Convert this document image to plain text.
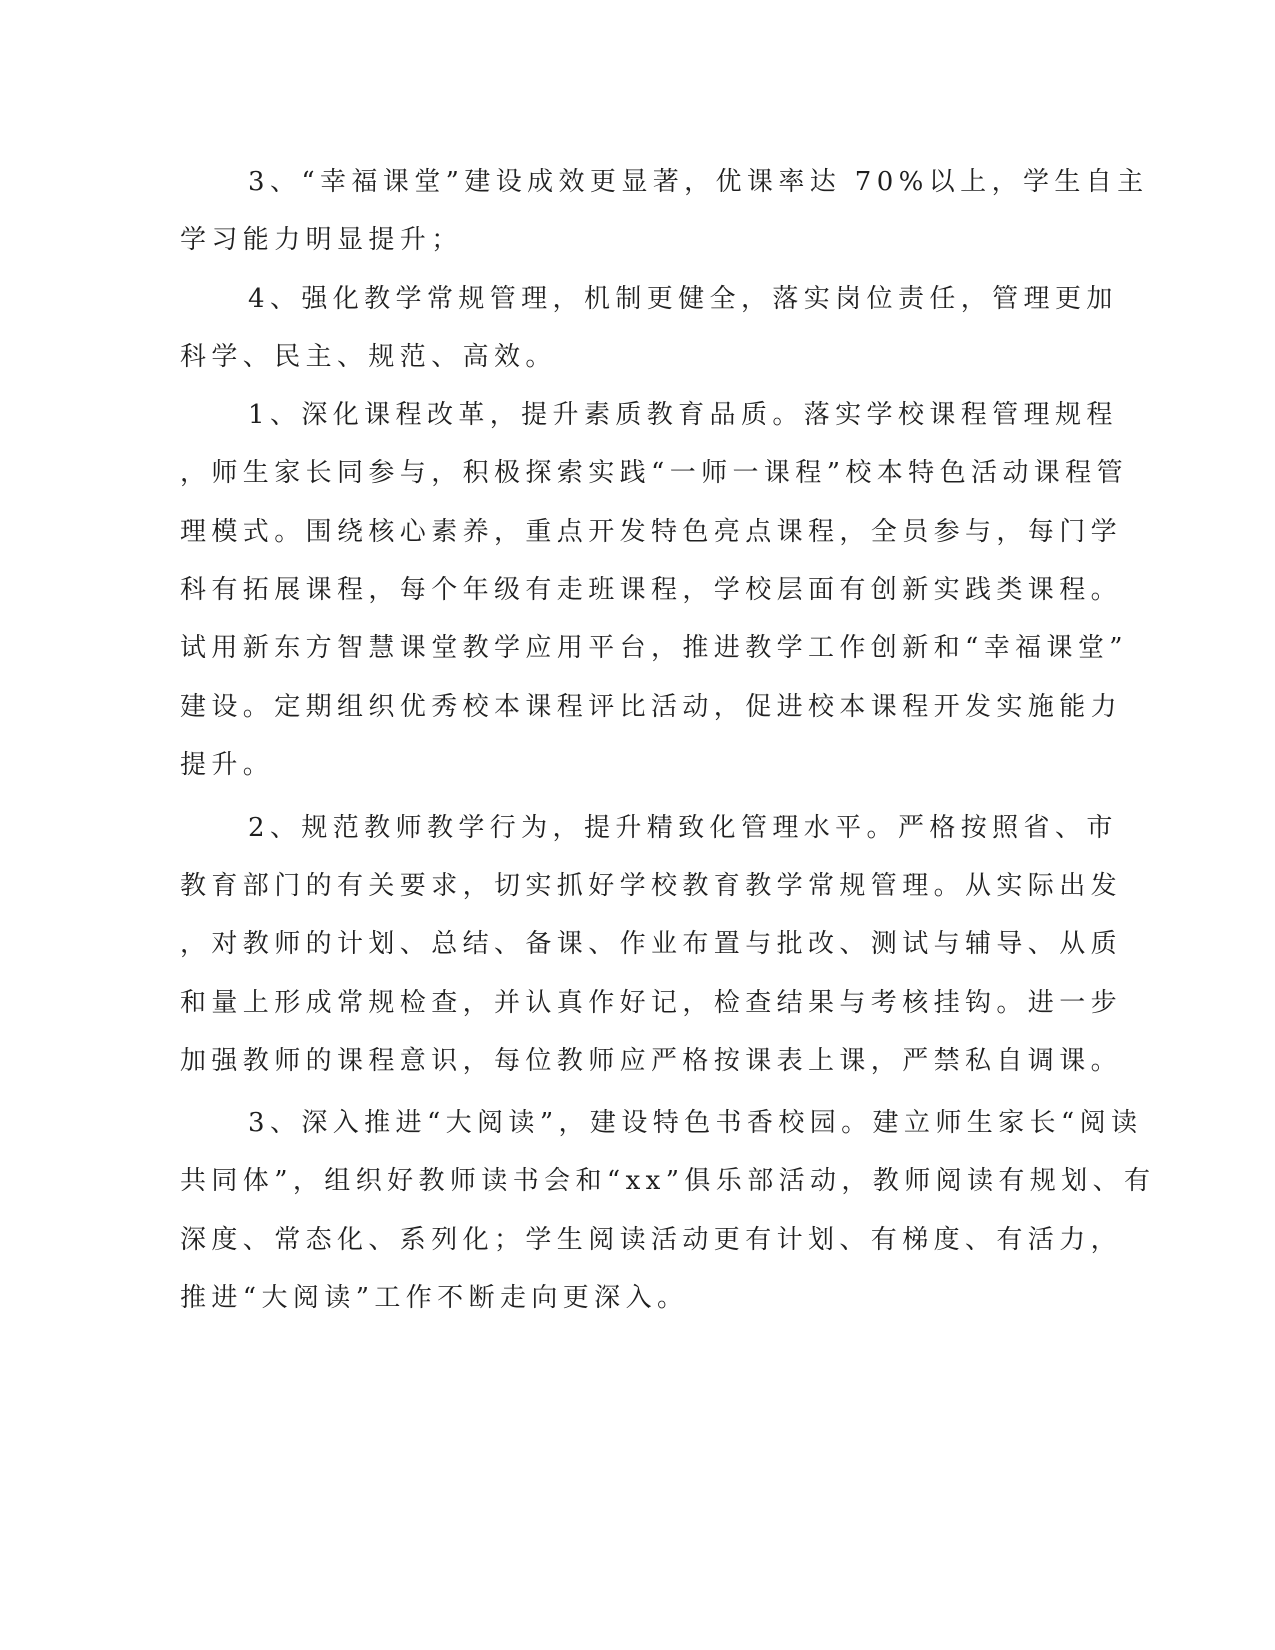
3、“幸福课堂”建设成效更显著，优课率达 70%以上，学生自主

学习能力明显提升；

4、强化教学常规管理，机制更健全，落实岗位责任，管理更加

科学、民主、规范、高效。

1、深化课程改革，提升素质教育品质。落实学校课程管理规程

，师生家长同参与，积极探索实践“一师一课程”校本特色活动课程管

理模式。围绕核心素养，重点开发特色亮点课程，全员参与，每门学

科有拓展课程，每个年级有走班课程，学校层面有创新实践类课程。

试用新东方智慧课堂教学应用平台，推进教学工作创新和“幸福课堂”

建设。定期组织优秀校本课程评比活动，促进校本课程开发实施能力

提升。

2、规范教师教学行为，提升精致化管理水平。严格按照省、市

教育部门的有关要求，切实抓好学校教育教学常规管理。从实际出发

，对教师的计划、总结、备课、作业布置与批改、测试与辅导、从质

和量上形成常规检查，并认真作好记，检查结果与考核挂钩。进一步

加强教师的课程意识，每位教师应严格按课表上课，严禁私自调课。

3、深入推进“大阅读”，建设特色书香校园。建立师生家长“阅读

共同体”，组织好教师读书会和“xx”俱乐部活动，教师阅读有规划、有

深度、常态化、系列化；学生阅读活动更有计划、有梯度、有活力，

推进“大阅读”工作不断走向更深入。
